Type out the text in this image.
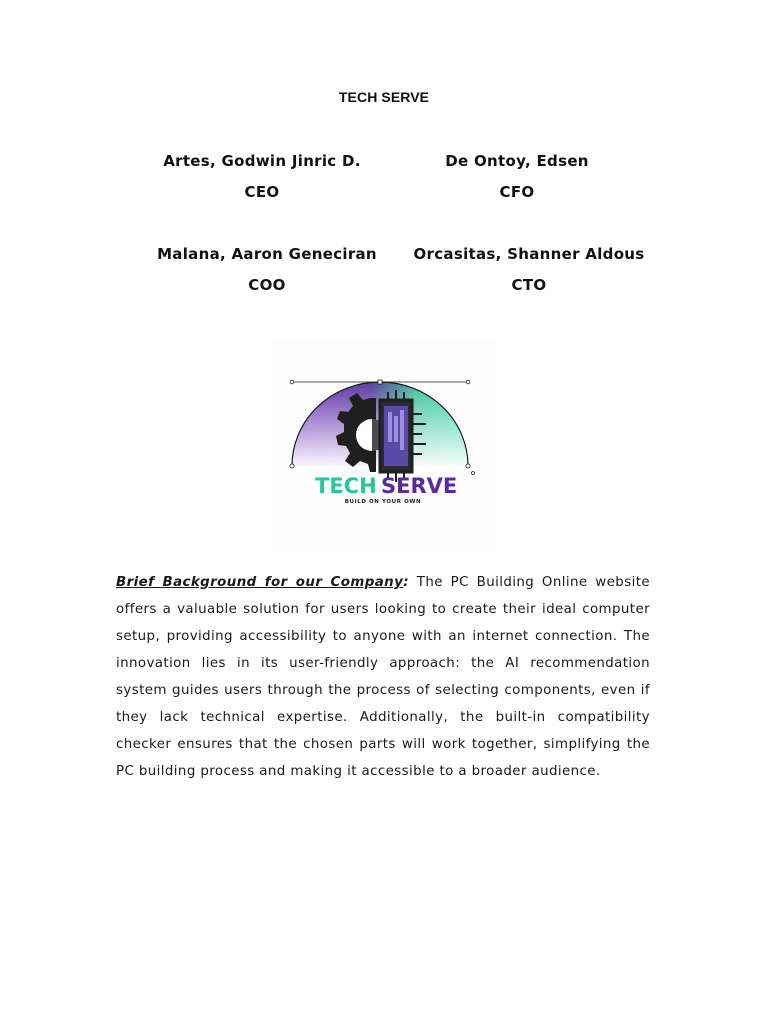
TECH SERVE
Artes, Godwin Jinric D.
CEO
De Ontoy, Edsen
CFO
Malana, Aaron Geneciran
COO
Orcasitas, Shanner Aldous
CTO
TECH SERVE
BUILD ON YOUR OWN
Brief Background for our Company: The PC Building Online website offers a valuable solution for users looking to create their ideal computer setup, providing accessibility to anyone with an internet connection. The innovation lies in its user-friendly approach: the AI recommendation system guides users through the process of selecting components, even if they lack technical expertise. Additionally, the built-in compatibility checker ensures that the chosen parts will work together, simplifying the PC building process and making it accessible to a broader audience.
